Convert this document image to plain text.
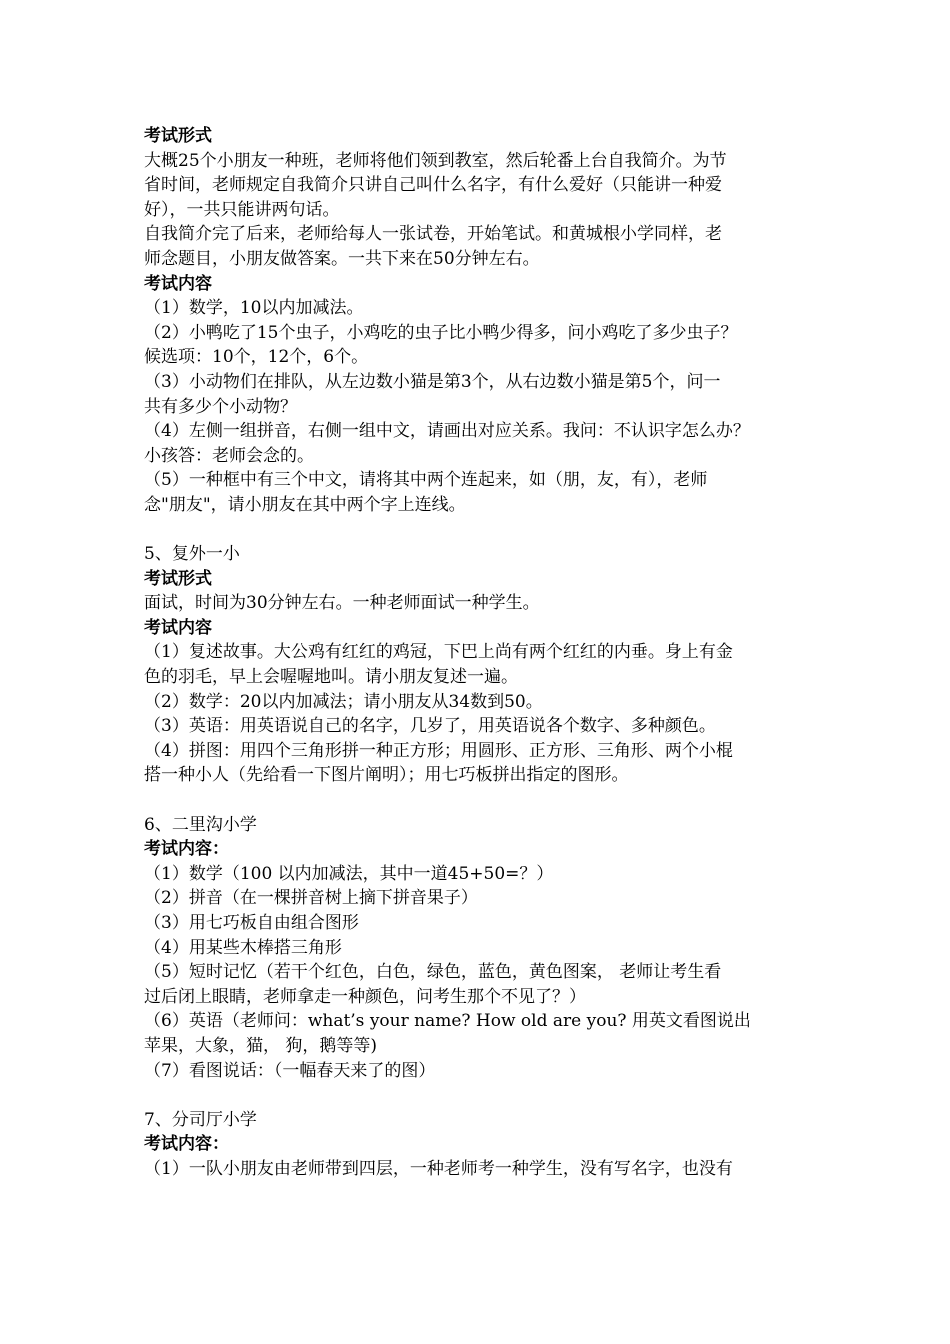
考试形式
大概25个小朋友一种班，老师将他们领到教室，然后轮番上台自我简介。为节
省时间，老师规定自我简介只讲自己叫什么名字，有什么爱好（只能讲一种爱
好），一共只能讲两句话。
自我简介完了后来，老师给每人一张试卷，开始笔试。和黄城根小学同样，老
师念题目，小朋友做答案。一共下来在50分钟左右。
考试内容
（1）数学，10以内加减法。
（2）小鸭吃了15个虫子，小鸡吃的虫子比小鸭少得多，问小鸡吃了多少虫子？
候选项：10个，12个，6个。
（3）小动物们在排队，从左边数小猫是第3个，从右边数小猫是第5个，问一
共有多少个小动物？
（4）左侧一组拼音，右侧一组中文，请画出对应关系。我问：不认识字怎么办？
小孩答：老师会念的。
（5）一种框中有三个中文，请将其中两个连起来，如（朋，友，有），老师
念"朋友"，请小朋友在其中两个字上连线。
5、复外一小
考试形式
面试，时间为30分钟左右。一种老师面试一种学生。
考试内容
（1）复述故事。大公鸡有红红的鸡冠，下巴上尚有两个红红的内垂。身上有金
色的羽毛，早上会喔喔地叫。请小朋友复述一遍。
（2）数学：20以内加减法；请小朋友从34数到50。
（3）英语：用英语说自己的名字，几岁了，用英语说各个数字、多种颜色。
（4）拼图：用四个三角形拼一种正方形；用圆形、正方形、三角形、两个小棍
搭一种小人（先给看一下图片阐明）；用七巧板拼出指定的图形。
6、二里沟小学
考试内容：
（1）数学（100 以内加减法，其中一道45+50=？）
（2）拼音（在一棵拼音树上摘下拼音果子）
（3）用七巧板自由组合图形
（4）用某些木棒搭三角形
（5）短时记忆（若干个红色，白色，绿色，蓝色，黄色图案， 老师让考生看
过后闭上眼睛，老师拿走一种颜色，问考生那个不见了？）
（6）英语（老师问：what’s your name? How old are you? 用英文看图说出
苹果，大象，猫， 狗，鹅等等)
（7）看图说话：（一幅春天来了的图）
7、分司厅小学
考试内容：
（1）一队小朋友由老师带到四层，一种老师考一种学生，没有写名字，也没有
